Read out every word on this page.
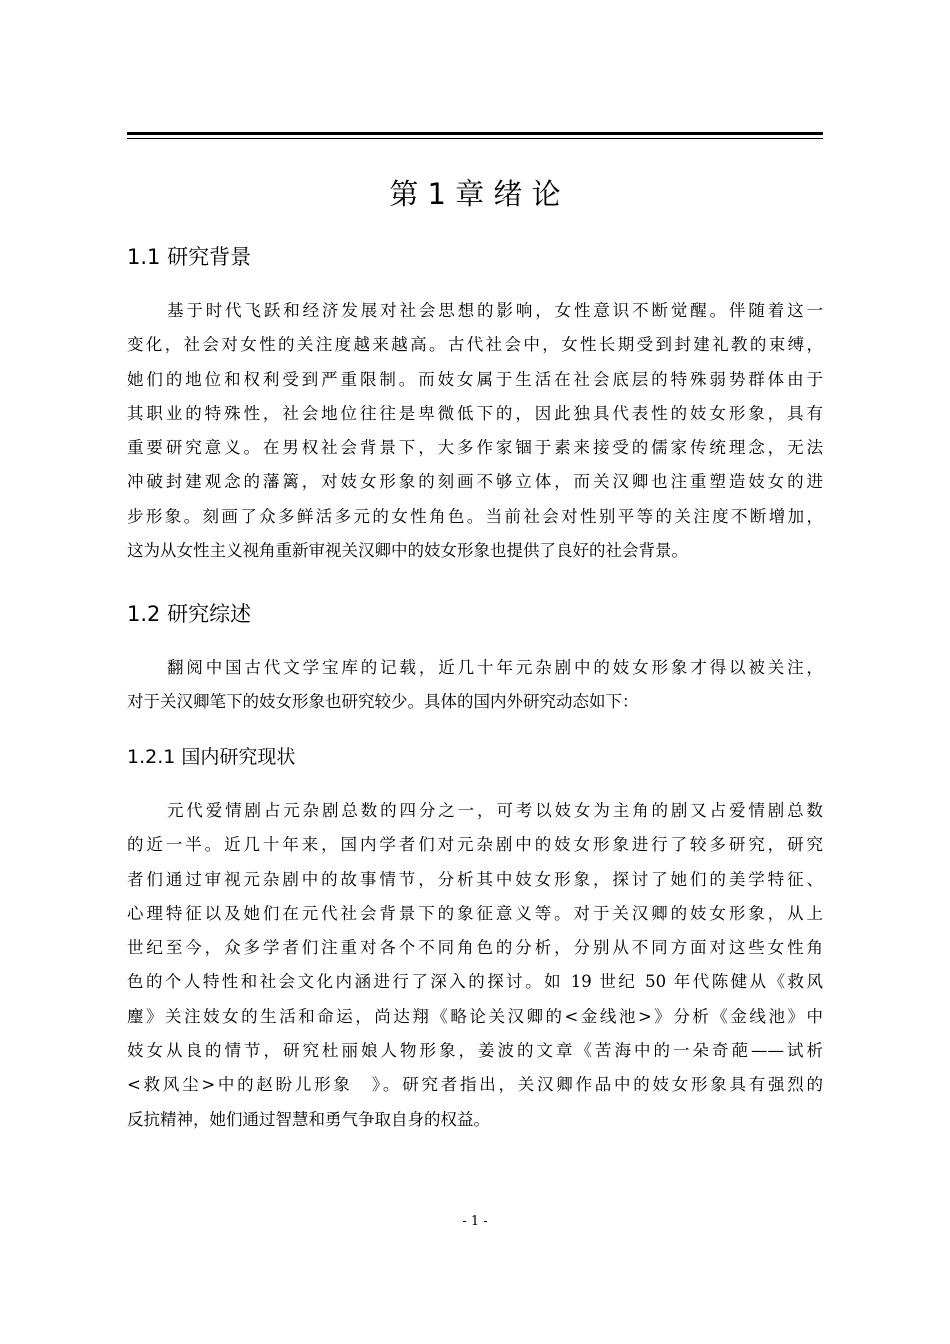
第 1 章 绪 论
1.1 研究背景
基于时代飞跃和经济发展对社会思想的影响，女性意识不断觉醒。伴随着这一
变化，社会对女性的关注度越来越高。古代社会中，女性长期受到封建礼教的束缚，
她们的地位和权利受到严重限制。而妓女属于生活在社会底层的特殊弱势群体由于
其职业的特殊性，社会地位往往是卑微低下的，因此独具代表性的妓女形象，具有
重要研究意义。在男权社会背景下，大多作家锢于素来接受的儒家传统理念，无法
冲破封建观念的藩篱，对妓女形象的刻画不够立体，而关汉卿也注重塑造妓女的进
步形象。刻画了众多鲜活多元的女性角色。当前社会对性别平等的关注度不断增加，
这为从女性主义视角重新审视关汉卿中的妓女形象也提供了良好的社会背景。
1.2 研究综述
翻阅中国古代文学宝库的记载，近几十年元杂剧中的妓女形象才得以被关注，
对于关汉卿笔下的妓女形象也研究较少。具体的国内外研究动态如下：
1.2.1 国内研究现状
元代爱情剧占元杂剧总数的四分之一，可考以妓女为主角的剧又占爱情剧总数
的近一半。近几十年来，国内学者们对元杂剧中的妓女形象进行了较多研究，研究
者们通过审视元杂剧中的故事情节，分析其中妓女形象，探讨了她们的美学特征、
心理特征以及她们在元代社会背景下的象征意义等。对于关汉卿的妓女形象，从上
世纪至今，众多学者们注重对各个不同角色的分析，分别从不同方面对这些女性角
色的个人特性和社会文化内涵进行了深入的探讨。如 19 世纪 50 年代陈健从《救风
麈》关注妓女的生活和命运，尚达翔《略论关汉卿的<金线池>》分析《金线池》中
妓女从良的情节，研究杜丽娘人物形象，姜波的文章《苦海中的一朵奇葩——试析
<救风尘>中的赵盼儿形象　》。研究者指出，关汉卿作品中的妓女形象具有强烈的
反抗精神，她们通过智慧和勇气争取自身的权益。
- 1 -
